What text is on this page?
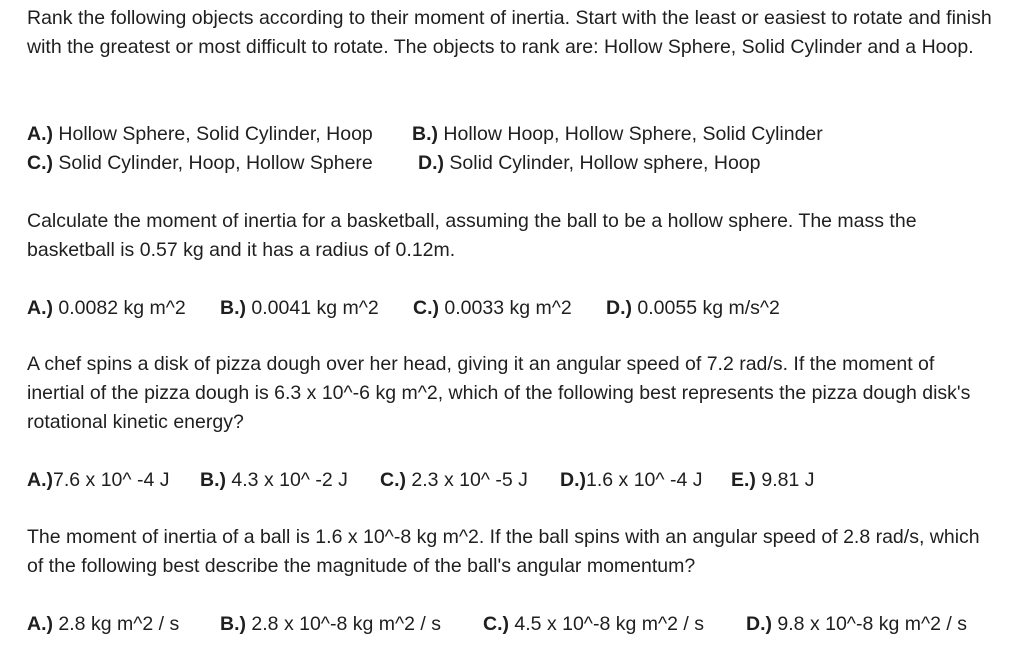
Rank the following objects according to their moment of inertia. Start with the least or easiest to rotate and finish with the greatest or most difficult to rotate. The objects to rank are: Hollow Sphere, Solid Cylinder and a Hoop.

A.) Hollow Sphere, Solid Cylinder, Hoop B.) Hollow Hoop, Hollow Sphere, Solid Cylinder
C.) Solid Cylinder, Hoop, Hollow Sphere D.) Solid Cylinder, Hollow sphere, Hoop

Calculate the moment of inertia for a basketball, assuming the ball to be a hollow sphere. The mass the basketball is 0.57 kg and it has a radius of 0.12m.

A.) 0.0082 kg m^2 B.) 0.0041 kg m^2 C.) 0.0033 kg m^2 D.) 0.0055 kg m/s^2

A chef spins a disk of pizza dough over her head, giving it an angular speed of 7.2 rad/s. If the moment of inertial of the pizza dough is 6.3 x 10^-6 kg m^2, which of the following best represents the pizza dough disk's rotational kinetic energy?

A.)7.6 x 10^ -4 J B.) 4.3 x 10^ -2 J C.) 2.3 x 10^ -5 J D.)1.6 x 10^ -4 J E.) 9.81 J

The moment of inertia of a ball is 1.6 x 10^-8 kg m^2. If the ball spins with an angular speed of 2.8 rad/s, which of the following best describe the magnitude of the ball's angular momentum?

A.) 2.8 kg m^2 / s B.) 2.8 x 10^-8 kg m^2 / s C.) 4.5 x 10^-8 kg m^2 / s D.) 9.8 x 10^-8 kg m^2 / s
